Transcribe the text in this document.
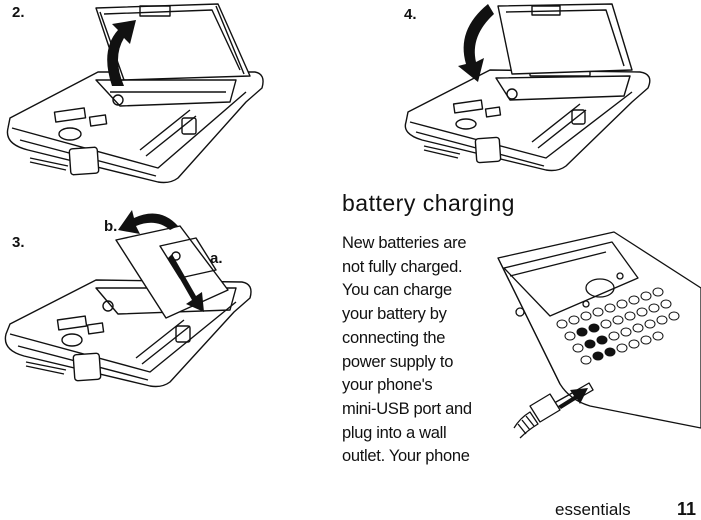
2.	4.
3.
b.
a.
battery charging
New batteries are
not fully charged.
You can charge
your battery by
connecting the
power supply to
your phone's
mini-USB port and
plug into a wall
outlet. Your phone
essentials	11
